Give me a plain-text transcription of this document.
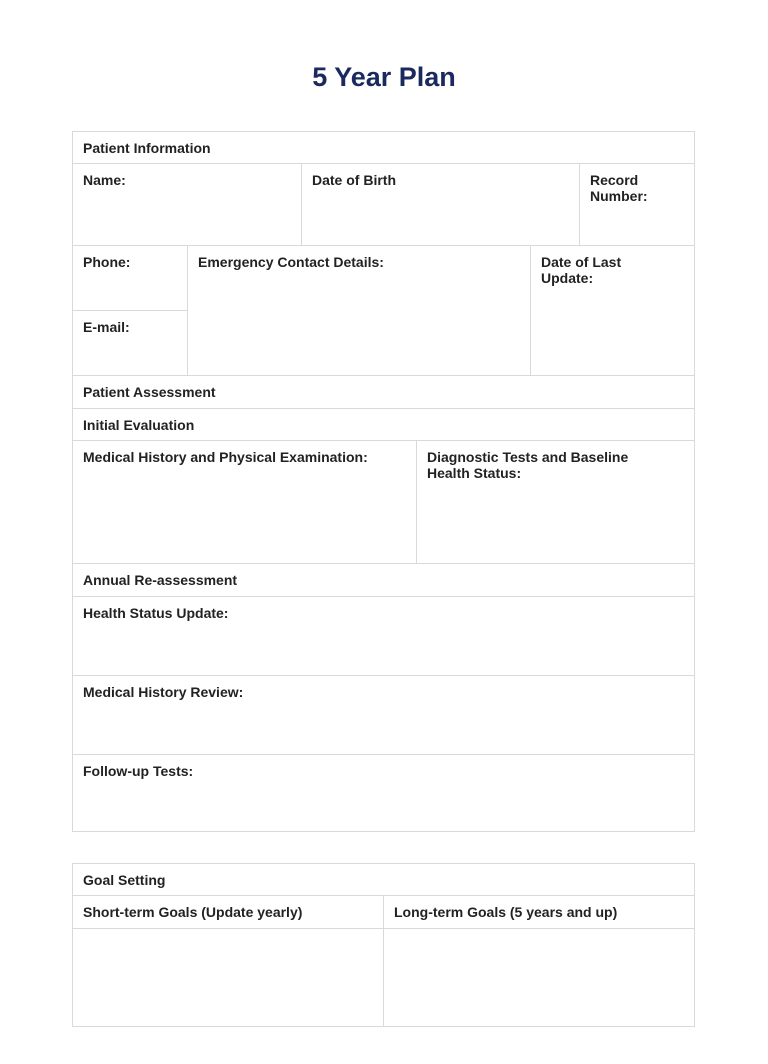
5 Year Plan
Patient Information
Name:	Date of Birth	Record Number:
Phone:
E-mail:
Emergency Contact Details:	Date of Last Update:
Patient Assessment
Initial Evaluation
Medical History and Physical Examination:	Diagnostic Tests and Baseline Health Status:
Annual Re-assessment
Health Status Update:
Medical History Review:
Follow-up Tests:
Goal Setting
Short-term Goals (Update yearly)	Long-term Goals (5 years and up)
